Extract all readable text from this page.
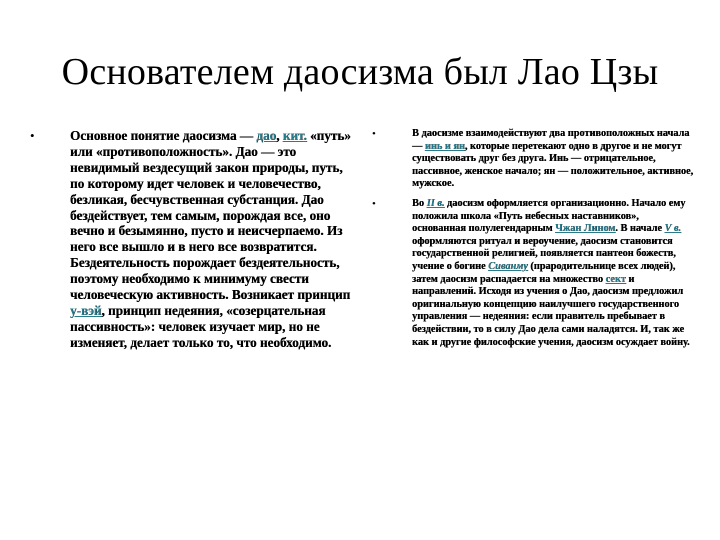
Основателем даосизма был Лао Цзы
•	Основное понятие даосизма — дао, кит. «путь» или «противоположность». Дао — это невидимый вездесущий закон природы, путь, по которому идет человек и человечество, безликая, бесчувственная субстанция. Дао бездействует, тем самым, порождая все, оно вечно и безымянно, пусто и неисчерпаемо. Из него все вышло и в него все возвратится. Бездеятельность порождает бездеятельность, поэтому необходимо к минимуму свести человеческую активность. Возникает принцип у-вэй, принцип недеяния, «созерцательная пассивность»: человек изучает мир, но не изменяет, делает только то, что необходимо.
•	В даосизме взаимодействуют два противоположных начала — инь и ян, которые перетекают одно в другое и не могут существовать друг без друга. Инь — отрицательное, пассивное, женское начало; ян — положительное, активное, мужское.
•	Во II в. даосизм оформляется организационно. Начало ему положила школа «Путь небесных наставников», основанная полулегендарным Чжан Лином. В начале V в. оформляются ритуал и вероучение, даосизм становится государственной религией, появляется пантеон божеств, учение о богине Сиванму (прародительнице всех людей), затем даосизм распадается на множество сект и направлений. Исходя из учения о Дао, даосизм предложил оригинальную концепцию наилучшего государственного управления — недеяния: если правитель пребывает в бездействии, то в силу Дао дела сами наладятся. И, так же как и другие философские учения, даосизм осуждает войну.
